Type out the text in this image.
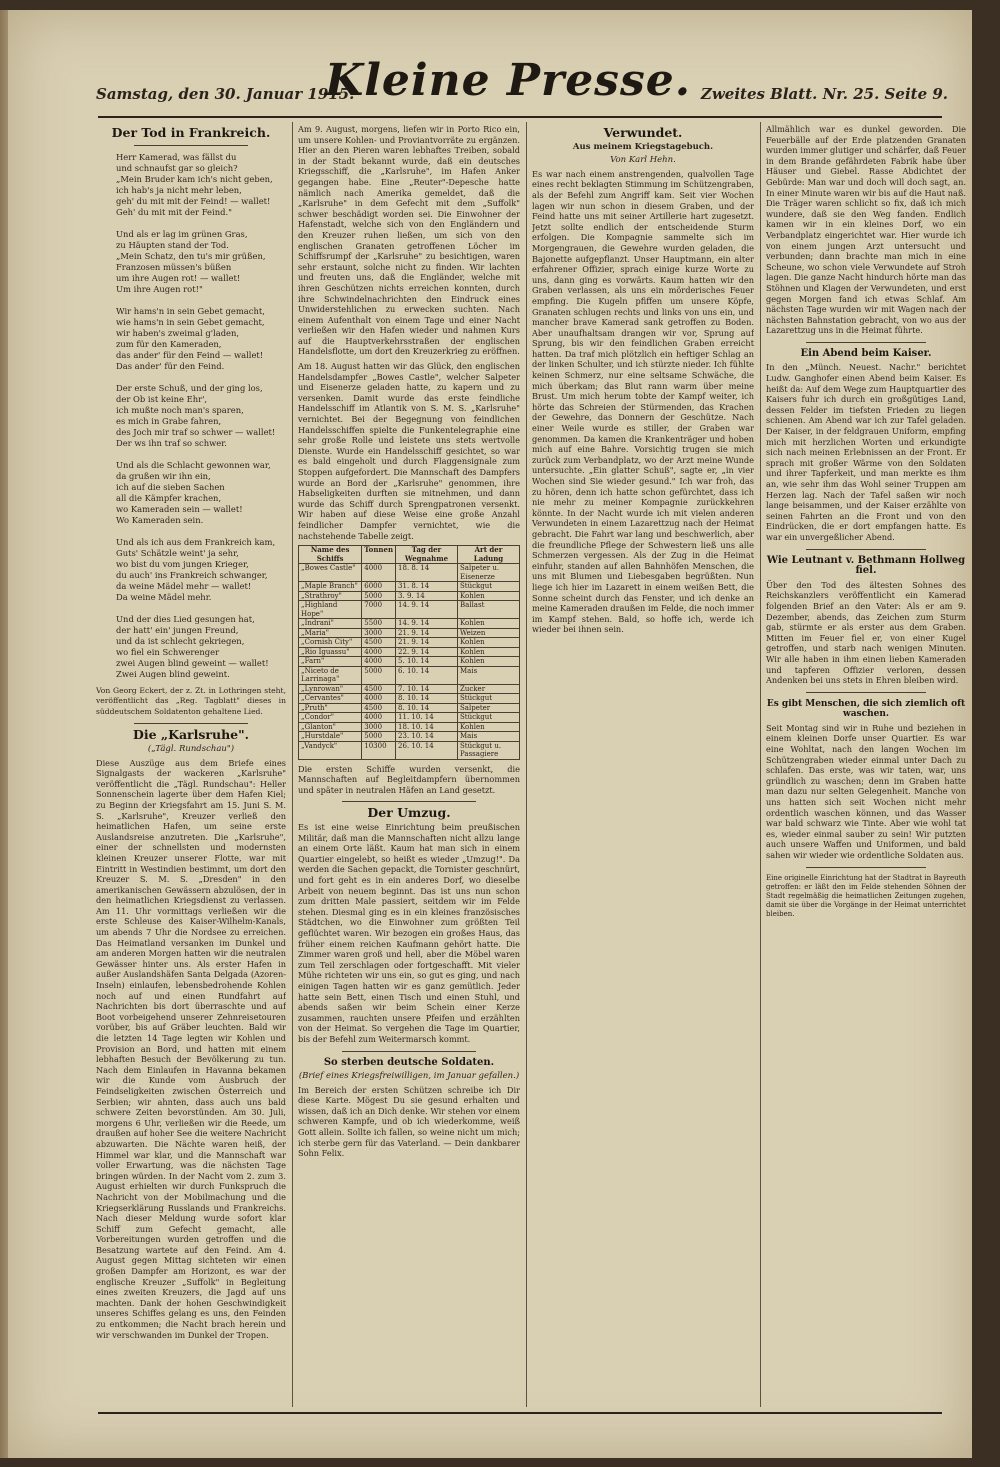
Samstag, den 30. Januar 1915.
Kleine Presse. Zweites Blatt. Nr. 25. Seite 9.
Der Tod in Frankreich.
Herr Kamerad, was fällst du
und schnaufst gar so gleich?
„Mein Bruder kam ich's nicht geben,
ich hab's ja nicht mehr leben,
geh' du mit mit der Feind! — wallet!
Geh' du mit mit der Feind."

Und als er lag im grünen Gras,
zu Häupten stand der Tod.
„Mein Schatz, den tu's mir grüßen,
Franzosen müssen's büßen
um ihre Augen rot! — wallet!
Um ihre Augen rot!"

Wir hams'n in sein Gebet gemacht,
wie hams'n in sein Gebet gemacht,
wir haben's zweimal g'laden,
zum für den Kameraden,
das ander' für den Feind — wallet!
Das ander' für den Feind.

Der erste Schuß, und der ging los,
der Ob ist keine Ehr',
ich mußte noch man's sparen,
es mich in Grabe fahren,
des Joch mir traf so schwer — wallet!
Der ws ihn traf so schwer.

Und als die Schlacht gewonnen war,
da grußen wir ihn ein,
ich auf die sieben Sachen
all die Kämpfer krachen,
wo Kameraden sein — wallet!
Wo Kameraden sein.

Und als ich aus dem Frankreich kam,
Guts' Schätzle weint' ja sehr,
wo bist du vom jungen Krieger,
du auch' ins Frankreich schwanger,
da weine Mädel mehr — wallet!
Da weine Mädel mehr.

Und der dies Lied gesungen hat,
der hatt' ein' jungen Freund,
und da ist schlecht gekriegen,
wo fiel ein Schwerenger
zwei Augen blind geweint — wallet!
Zwei Augen blind geweint.
Von Georg Eckert, der z. Zt. in Lothringen steht, veröffentlicht das „Reg. Tagblatt" dieses in süddeutschem Soldatenton gehaltene Lied.
Die „Karlsruhe".
(„Tägl. Rundschau")
Diese Auszüge aus dem Briefe eines Signalgasts der wackeren „Karlsruhe" veröffentlicht die „Tägl. Rundschau": Heller Sonnenschein lagerte über dem Hafen Kiel; zu Beginn der Kriegsfahrt am 15. Juni S. M. S. „Karlsruhe", Kreuzer verließ den heimatlichen Hafen, um seine erste Auslandsreise anzutreten. Die „Karlsruhe", einer der schnellsten und modernsten kleinen Kreuzer unserer Flotte, war mit Eintritt in Westindien bestimmt, um dort den Kreuzer S. M. S. „Dresden" in den amerikanischen Gewässern abzulösen, der in den heimatlichen Kriegsdienst zu verlassen. Am 11. Uhr vormittags verließen wir die erste Schleuse des Kaiser-Wilhelm-Kanals, um abends 7 Uhr die Nordsee zu erreichen. Das Heimatland versanken im Dunkel und am anderen Morgen hatten wir die neutralen Gewässer hinter uns. Als erster Hafen in außer Auslandshäfen Santa Delgada (Azoren-Inseln) einlaufen, lebensbedrohende Kohlen noch auf und einen Rundfahrt auf Nachrichten bis dort überraschte und auf Boot vorbeigehend unserer Zehnreisetouren vorüber, bis auf Gräber leuchten. Bald wir die letzten 14 Tage legten wir Kohlen und Provision an Bord, und hatten mit einem lebhaften Besuch der Bevölkerung zu tun. Nach dem Einlaufen in Havanna bekamen wir die Kunde vom Ausbruch der Feindseligkeiten zwischen Österreich und Serbien; wir ahnten, dass auch uns bald schwere Zeiten bevorstünden. Am 30. Juli, morgens 6 Uhr, verließen wir die Reede, um draußen auf hoher See die weitere Nachricht abzuwarten. Die Nächte waren heiß, der Himmel war klar, und die Mannschaft war voller Erwartung, was die nächsten Tage bringen würden. In der Nacht vom 2. zum 3. August erhielten wir durch Funkspruch die Nachricht von der Mobilmachung und die Kriegserklärung Russlands und Frankreichs. Nach dieser Meldung wurde sofort klar Schiff zum Gefecht gemacht, alle Vorbereitungen wurden getroffen und die Besatzung wartete auf den Feind. Am 4. August gegen Mittag sichteten wir einen großen Dampfer am Horizont, es war der englische Kreuzer „Suffolk" in Begleitung eines zweiten Kreuzers, die Jagd auf uns machten. Dank der hohen Geschwindigkeit unseres Schiffes gelang es uns, den Feinden zu entkommen; die Nacht brach herein und wir verschwanden im Dunkel der Tropen.
Am 9. August, morgens, liefen wir in Porto Rico ein, um unsere Kohlen- und Proviantvorräte zu ergänzen. Hier an den Pieren waren lebhaftes Treiben, sobald in der Stadt bekannt wurde, daß ein deutsches Kriegsschiff, die „Karlsruhe", im Hafen Anker gegangen habe. Eine „Reuter"-Depesche hatte nämlich nach Amerika gemeldet, daß die „Karlsruhe" in dem Gefecht mit dem „Suffolk" schwer beschädigt worden sei. Die Einwohner der Hafenstadt, welche sich von den Engländern und den Kreuzer ruhen ließen, um sich von den englischen Granaten getroffenen Löcher im Schiffsrumpf der „Karlsruhe" zu besichtigen, waren sehr erstaunt, solche nicht zu finden. Wir lachten und freuten uns, daß die Engländer, welche mit ihren Geschützen nichts erreichen konnten, durch ihre Schwindelnachrichten den Eindruck eines Unwiderstehlichen zu erwecken suchten. Nach einem Aufenthalt von einem Tage und einer Nacht verließen wir den Hafen wieder und nahmen Kurs auf die Hauptverkehrsstraßen der englischen Handelsflotte, um dort den Kreuzerkrieg zu eröffnen.
Am 18. August hatten wir das Glück, den englischen Handelsdampfer „Bowes Castle", welcher Salpeter und Eisenerze geladen hatte, zu kapern und zu versenken. Damit wurde das erste feindliche Handelsschiff im Atlantik von S. M. S. „Karlsruhe" vernichtet. Bei der Begegnung von feindlichen Handelsschiffen spielte die Funkentelegraphie eine sehr große Rolle und leistete uns stets wertvolle Dienste. Wurde ein Handelsschiff gesichtet, so war es bald eingeholt und durch Flaggensignale zum Stoppen aufgefordert. Die Mannschaft des Dampfers wurde an Bord der „Karlsruhe" genommen, ihre Habseligkeiten durften sie mitnehmen, und dann wurde das Schiff durch Sprengpatronen versenkt. Wir haben auf diese Weise eine große Anzahl feindlicher Dampfer vernichtet, wie die nachstehende Tabelle zeigt.
Name des Schiffs	Tonnen	Tag der Wegnahme	Art der Ladung
„Bowes Castle"	4000	18. 8. 14	Salpeter u. Eisenerze
„Maple Branch"	6000	31. 8. 14	Stückgut
„Strathroy"	5000	3. 9. 14	Kohlen
„Highland Hope"	7000	14. 9. 14	Ballast
„Indrani"	5500	14. 9. 14	Kohlen
„Maria"	3000	21. 9. 14	Weizen
„Cornish City"	4500	21. 9. 14	Kohlen
„Rio Iguassu"	4000	22. 9. 14	Kohlen
„Farn"	4000	5. 10. 14	Kohlen
„Niceto de Larrinaga"	5000	6. 10. 14	Mais
„Lynrowan"	4500	7. 10. 14	Zucker
„Cervantes"	4000	8. 10. 14	Stückgut
„Pruth"	4500	8. 10. 14	Salpeter
„Condor"	4000	11. 10. 14	Stückgut
„Glanton"	3000	18. 10. 14	Kohlen
„Hurstdale"	5000	23. 10. 14	Mais
„Vandyck"	10300	26. 10. 14	Stückgut u. Passagiere
Die ersten Schiffe wurden versenkt, die Mannschaften auf Begleitdampfern übernommen und später in neutralen Häfen an Land gesetzt.
Der Umzug.
Es ist eine weise Einrichtung beim preußischen Militär, daß man die Mannschaften nicht allzu lange an einem Orte läßt. Kaum hat man sich in einem Quartier eingelebt, so heißt es wieder „Umzug!". Da werden die Sachen gepackt, die Tornister geschnürt, und fort geht es in ein anderes Dorf, wo dieselbe Arbeit von neuem beginnt. Das ist uns nun schon zum dritten Male passiert, seitdem wir im Felde stehen. Diesmal ging es in ein kleines französisches Städtchen, wo die Einwohner zum größten Teil geflüchtet waren. Wir bezogen ein großes Haus, das früher einem reichen Kaufmann gehört hatte. Die Zimmer waren groß und hell, aber die Möbel waren zum Teil zerschlagen oder fortgeschafft. Mit vieler Mühe richteten wir uns ein, so gut es ging, und nach einigen Tagen hatten wir es ganz gemütlich. Jeder hatte sein Bett, einen Tisch und einen Stuhl, und abends saßen wir beim Schein einer Kerze zusammen, rauchten unsere Pfeifen und erzählten von der Heimat. So vergehen die Tage im Quartier, bis der Befehl zum Weitermarsch kommt.
So sterben deutsche Soldaten.
(Brief eines Kriegsfreiwilligen, im Januar gefallen.)
Im Bereich der ersten Schützen schreibe ich Dir diese Karte. Mögest Du sie gesund erhalten und wissen, daß ich an Dich denke. Wir stehen vor einem schweren Kampfe, und ob ich wiederkomme, weiß Gott allein. Sollte ich fallen, so weine nicht um mich; ich sterbe gern für das Vaterland. — Dein dankbarer Sohn Felix.
Verwundet.
Aus meinem Kriegstagebuch.
Von Karl Hehn.
Es war nach einem anstrengenden, qualvollen Tage eines recht beklagten Stimmung im Schützengraben, als der Befehl zum Angriff kam. Seit vier Wochen lagen wir nun schon in diesem Graben, und der Feind hatte uns mit seiner Artillerie hart zugesetzt. Jetzt sollte endlich der entscheidende Sturm erfolgen. Die Kompagnie sammelte sich im Morgengrauen, die Gewehre wurden geladen, die Bajonette aufgepflanzt. Unser Hauptmann, ein alter erfahrener Offizier, sprach einige kurze Worte zu uns, dann ging es vorwärts. Kaum hatten wir den Graben verlassen, als uns ein mörderisches Feuer empfing. Die Kugeln pfiffen um unsere Köpfe, Granaten schlugen rechts und links von uns ein, und mancher brave Kamerad sank getroffen zu Boden. Aber unaufhaltsam drangen wir vor, Sprung auf Sprung, bis wir den feindlichen Graben erreicht hatten. Da traf mich plötzlich ein heftiger Schlag an der linken Schulter, und ich stürzte nieder. Ich fühlte keinen Schmerz, nur eine seltsame Schwäche, die mich überkam; das Blut rann warm über meine Brust. Um mich herum tobte der Kampf weiter, ich hörte das Schreien der Stürmenden, das Krachen der Gewehre, das Donnern der Geschütze. Nach einer Weile wurde es stiller, der Graben war genommen. Da kamen die Krankenträger und hoben mich auf eine Bahre. Vorsichtig trugen sie mich zurück zum Verbandplatz, wo der Arzt meine Wunde untersuchte. „Ein glatter Schuß", sagte er, „in vier Wochen sind Sie wieder gesund." Ich war froh, das zu hören, denn ich hatte schon gefürchtet, dass ich nie mehr zu meiner Kompagnie zurückkehren könnte. In der Nacht wurde ich mit vielen anderen Verwundeten in einem Lazarettzug nach der Heimat gebracht. Die Fahrt war lang und beschwerlich, aber die freundliche Pflege der Schwestern ließ uns alle Schmerzen vergessen. Als der Zug in die Heimat einfuhr, standen auf allen Bahnhöfen Menschen, die uns mit Blumen und Liebesgaben begrüßten. Nun liege ich hier im Lazarett in einem weißen Bett, die Sonne scheint durch das Fenster, und ich denke an meine Kameraden draußen im Felde, die noch immer im Kampf stehen. Bald, so hoffe ich, werde ich wieder bei ihnen sein.
Allmählich war es dunkel geworden. Die Feuerbälle auf der Erde platzenden Granaten wurden immer glutiger und schärfer, daß Feuer in dem Brande gefährdeten Fabrik habe über Häuser und Giebel. Rasse Abdichtet der Gebürde: Man war und doch will doch sagt, an. In einer Minute waren wir bis auf die Haut naß. Die Träger waren schlicht so fix, daß ich mich wundere, daß sie den Weg fanden. Endlich kamen wir in ein kleines Dorf, wo ein Verbandplatz eingerichtet war. Hier wurde ich von einem jungen Arzt untersucht und verbunden; dann brachte man mich in eine Scheune, wo schon viele Verwundete auf Stroh lagen. Die ganze Nacht hindurch hörte man das Stöhnen und Klagen der Verwundeten, und erst gegen Morgen fand ich etwas Schlaf. Am nächsten Tage wurden wir mit Wagen nach der nächsten Bahnstation gebracht, von wo aus der Lazarettzug uns in die Heimat führte.
Ein Abend beim Kaiser.
In den „Münch. Neuest. Nachr." berichtet Ludw. Ganghofer einen Abend beim Kaiser. Es heißt da: Auf dem Wege zum Hauptquartier des Kaisers fuhr ich durch ein großgütiges Land, dessen Felder im tiefsten Frieden zu liegen schienen. Am Abend war ich zur Tafel geladen. Der Kaiser, in der feldgrauen Uniform, empfing mich mit herzlichen Worten und erkundigte sich nach meinen Erlebnissen an der Front. Er sprach mit großer Wärme von den Soldaten und ihrer Tapferkeit, und man merkte es ihm an, wie sehr ihm das Wohl seiner Truppen am Herzen lag. Nach der Tafel saßen wir noch lange beisammen, und der Kaiser erzählte von seinen Fahrten an die Front und von den Eindrücken, die er dort empfangen hatte. Es war ein unvergeßlicher Abend.
Wie Leutnant v. Bethmann Hollweg fiel.
Über den Tod des ältesten Sohnes des Reichskanzlers veröffentlicht ein Kamerad folgenden Brief an den Vater: Als er am 9. Dezember, abends, das Zeichen zum Sturm gab, stürmte er als erster aus dem Graben. Mitten im Feuer fiel er, von einer Kugel getroffen, und starb nach wenigen Minuten. Wir alle haben in ihm einen lieben Kameraden und tapferen Offizier verloren, dessen Andenken bei uns stets in Ehren bleiben wird.
Es gibt Menschen, die sich ziemlich oft waschen.
Seit Montag sind wir in Ruhe und beziehen in einem kleinen Dorfe unser Quartier. Es war eine Wohltat, nach den langen Wochen im Schützengraben wieder einmal unter Dach zu schlafen. Das erste, was wir taten, war, uns gründlich zu waschen; denn im Graben hatte man dazu nur selten Gelegenheit. Manche von uns hatten sich seit Wochen nicht mehr ordentlich waschen können, und das Wasser war bald schwarz wie Tinte. Aber wie wohl tat es, wieder einmal sauber zu sein! Wir putzten auch unsere Waffen und Uniformen, und bald sahen wir wieder wie ordentliche Soldaten aus.
Eine originelle Einrichtung hat der Stadtrat in Bayreuth getroffen: er läßt den im Felde stehenden Söhnen der Stadt regelmäßig die heimatlichen Zeitungen zugehen, damit sie über die Vorgänge in der Heimat unterrichtet bleiben.
